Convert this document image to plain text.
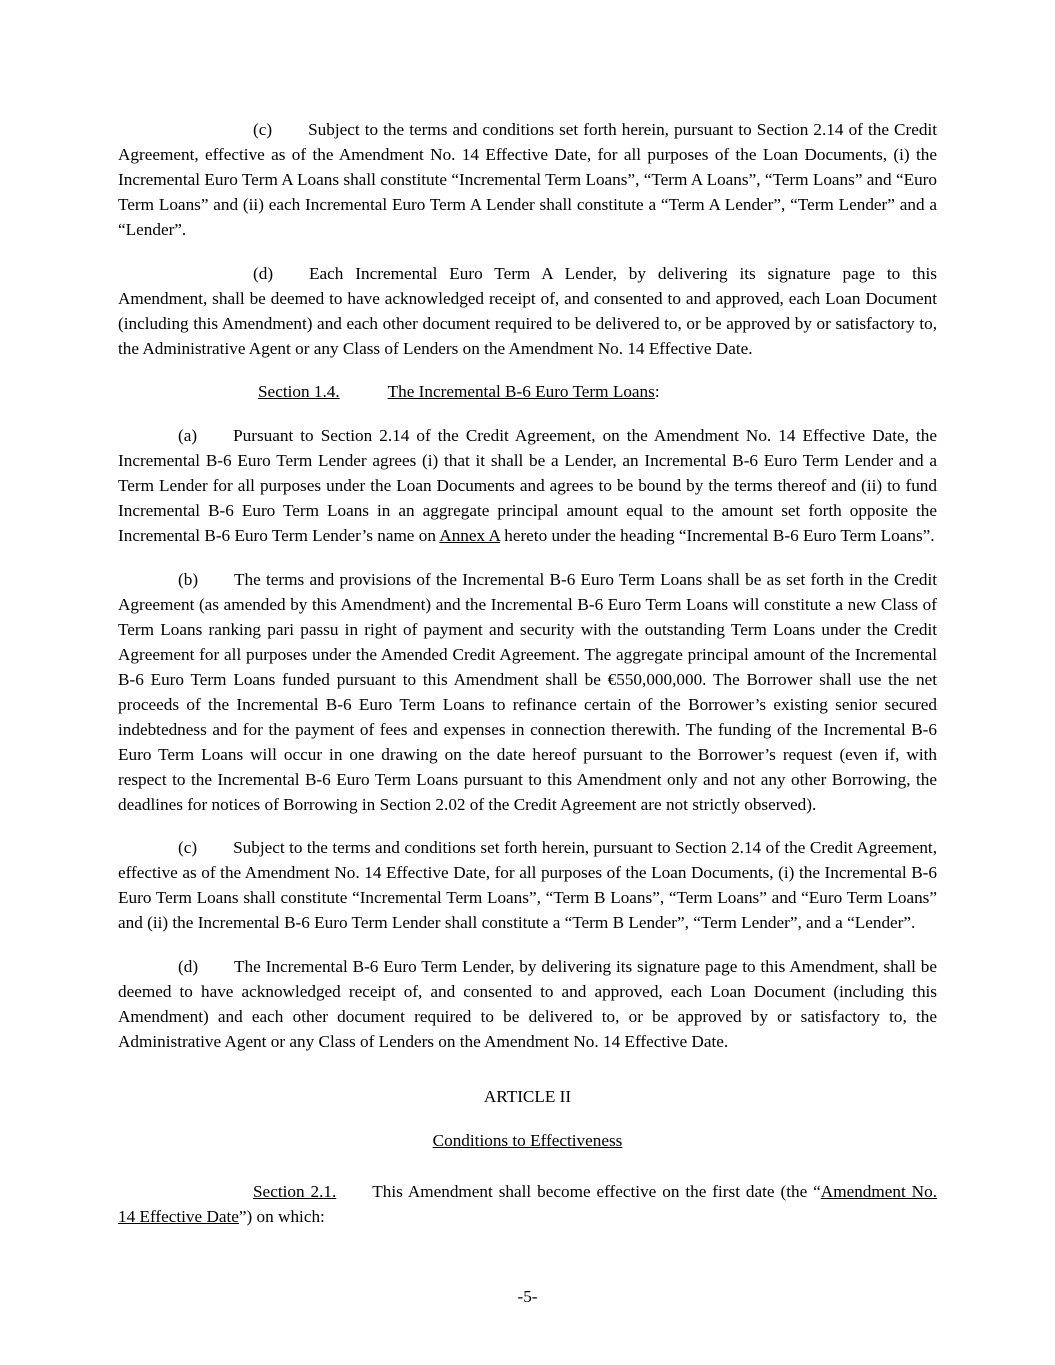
(c) Subject to the terms and conditions set forth herein, pursuant to Section 2.14 of the Credit Agreement, effective as of the Amendment No. 14 Effective Date, for all purposes of the Loan Documents, (i) the Incremental Euro Term A Loans shall constitute “Incremental Term Loans”, “Term A Loans”, “Term Loans” and “Euro Term Loans” and (ii) each Incremental Euro Term A Lender shall constitute a “Term A Lender”, “Term Lender” and a “Lender”.

(d) Each Incremental Euro Term A Lender, by delivering its signature page to this Amendment, shall be deemed to have acknowledged receipt of, and consented to and approved, each Loan Document (including this Amendment) and each other document required to be delivered to, or be approved by or satisfactory to, the Administrative Agent or any Class of Lenders on the Amendment No. 14 Effective Date.

Section 1.4.	The Incremental B-6 Euro Term Loans:

(a) Pursuant to Section 2.14 of the Credit Agreement, on the Amendment No. 14 Effective Date, the Incremental B-6 Euro Term Lender agrees (i) that it shall be a Lender, an Incremental B-6 Euro Term Lender and a Term Lender for all purposes under the Loan Documents and agrees to be bound by the terms thereof and (ii) to fund Incremental B-6 Euro Term Loans in an aggregate principal amount equal to the amount set forth opposite the Incremental B-6 Euro Term Lender’s name on Annex A hereto under the heading “Incremental B-6 Euro Term Loans”.

(b) The terms and provisions of the Incremental B-6 Euro Term Loans shall be as set forth in the Credit Agreement (as amended by this Amendment) and the Incremental B-6 Euro Term Loans will constitute a new Class of Term Loans ranking pari passu in right of payment and security with the outstanding Term Loans under the Credit Agreement for all purposes under the Amended Credit Agreement. The aggregate principal amount of the Incremental B-6 Euro Term Loans funded pursuant to this Amendment shall be €550,000,000. The Borrower shall use the net proceeds of the Incremental B-6 Euro Term Loans to refinance certain of the Borrower’s existing senior secured indebtedness and for the payment of fees and expenses in connection therewith. The funding of the Incremental B-6 Euro Term Loans will occur in one drawing on the date hereof pursuant to the Borrower’s request (even if, with respect to the Incremental B-6 Euro Term Loans pursuant to this Amendment only and not any other Borrowing, the deadlines for notices of Borrowing in Section 2.02 of the Credit Agreement are not strictly observed).

(c) Subject to the terms and conditions set forth herein, pursuant to Section 2.14 of the Credit Agreement, effective as of the Amendment No. 14 Effective Date, for all purposes of the Loan Documents, (i) the Incremental B-6 Euro Term Loans shall constitute “Incremental Term Loans”, “Term B Loans”, “Term Loans” and “Euro Term Loans” and (ii) the Incremental B-6 Euro Term Lender shall constitute a “Term B Lender”, “Term Lender”, and a “Lender”.

(d) The Incremental B-6 Euro Term Lender, by delivering its signature page to this Amendment, shall be deemed to have acknowledged receipt of, and consented to and approved, each Loan Document (including this Amendment) and each other document required to be delivered to, or be approved by or satisfactory to, the Administrative Agent or any Class of Lenders on the Amendment No. 14 Effective Date.

ARTICLE II

Conditions to Effectiveness

Section 2.1. This Amendment shall become effective on the first date (the “Amendment No. 14 Effective Date”) on which:

-5-
